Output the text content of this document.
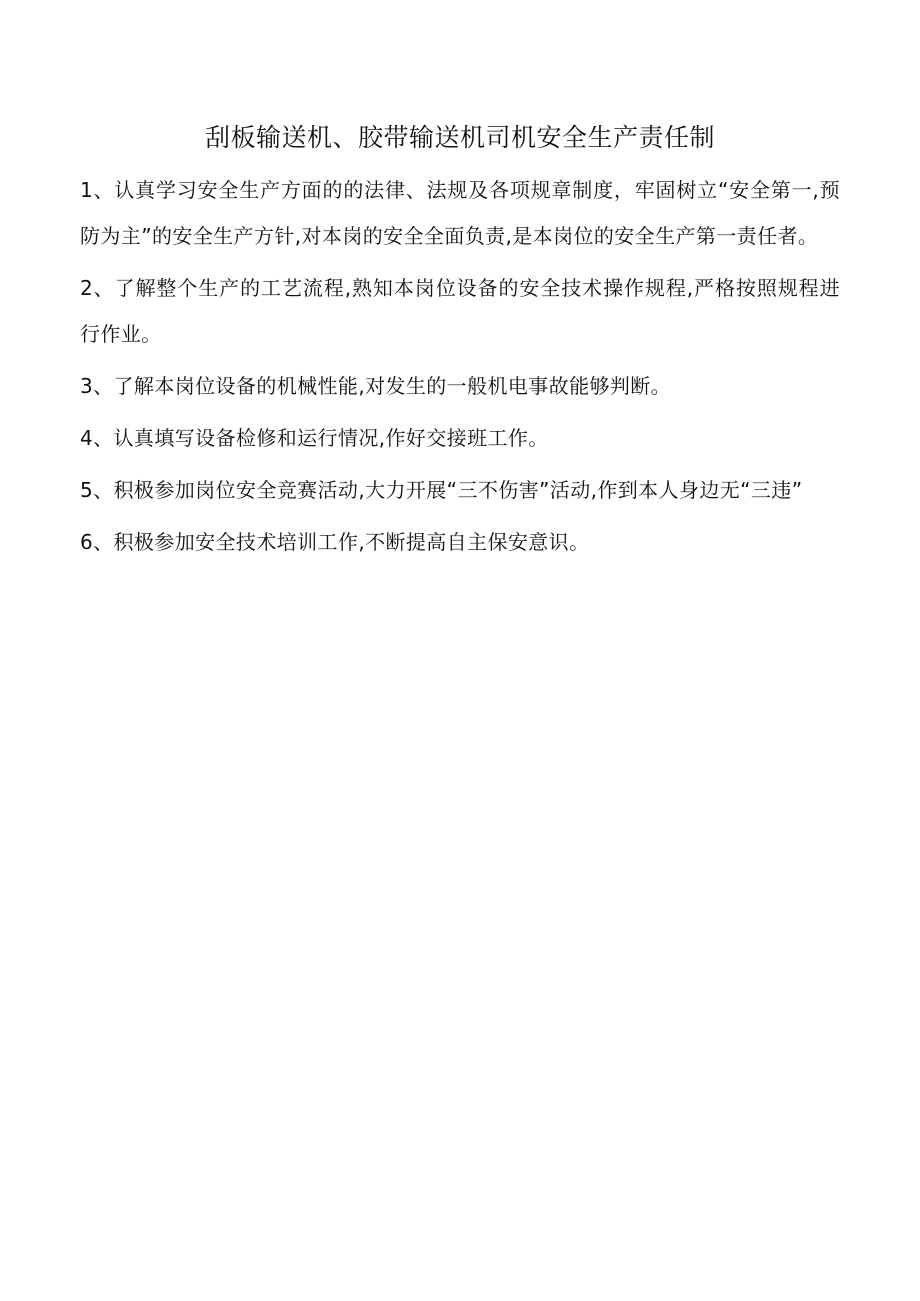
刮板输送机、胶带输送机司机安全生产责任制
1、认真学习安全生产方面的的法律、法规及各项规章制度，牢固树立“安全第一,预防为主”的安全生产方针,对本岗的安全全面负责,是本岗位的安全生产第一责任者。
2、了解整个生产的工艺流程,熟知本岗位设备的安全技术操作规程,严格按照规程进行作业。
3、了解本岗位设备的机械性能,对发生的一般机电事故能够判断。
4、认真填写设备检修和运行情况,作好交接班工作。
5、积极参加岗位安全竞赛活动,大力开展“三不伤害”活动,作到本人身边无“三违”
6、积极参加安全技术培训工作,不断提高自主保安意识。
